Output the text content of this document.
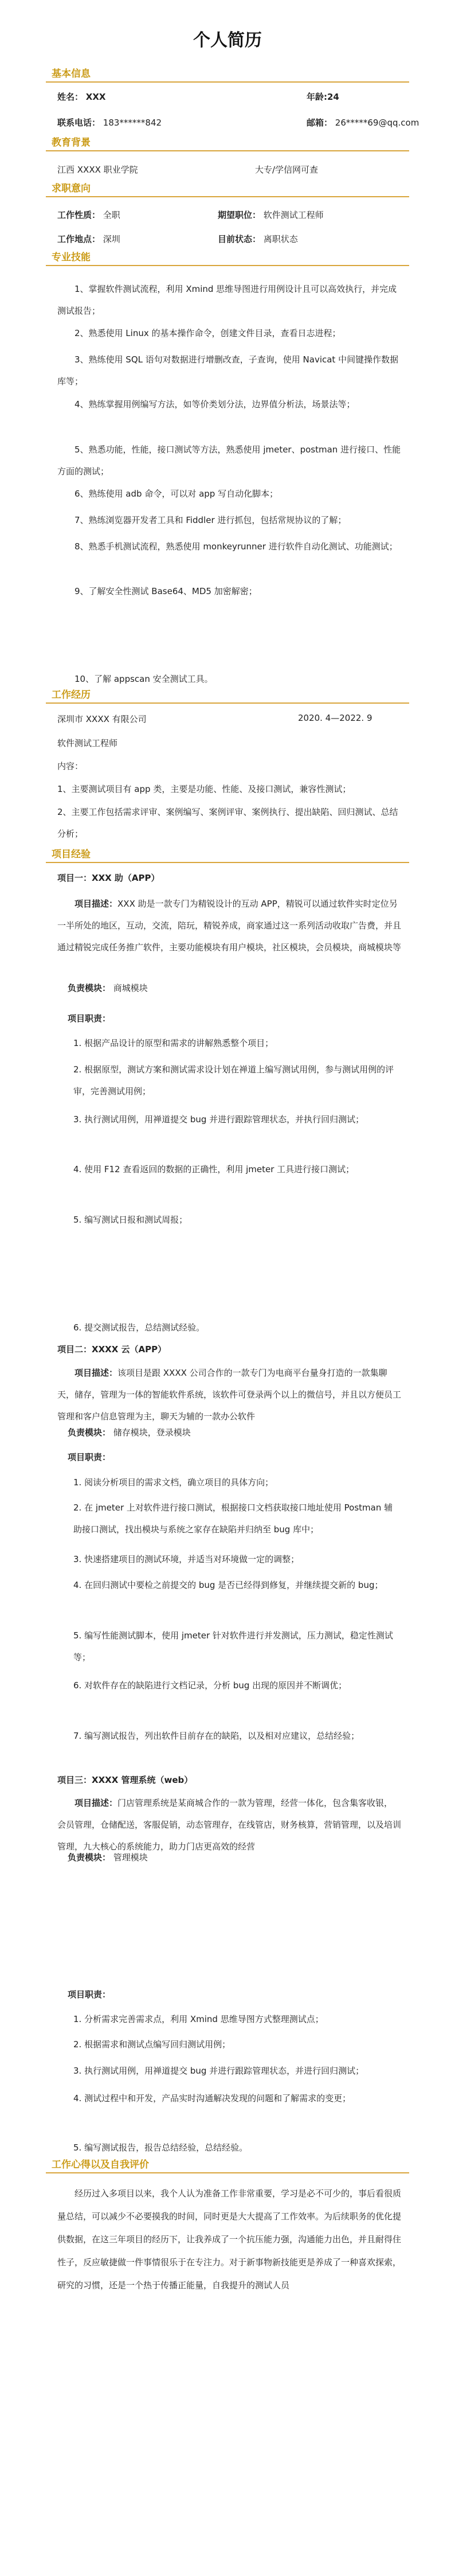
个人简历
基本信息
姓名： XXX	年龄:24
联系电话： 183******842	邮箱： 26*****69@qq.com
教育背景
江西 XXXX 职业学院	大专/学信网可查
求职意向
工作性质： 全职	期望职位： 软件测试工程师
工作地点： 深圳	目前状态： 离职状态
专业技能
1、掌握软件测试流程，利用 Xmind 思维导图进行用例设计且可以高效执行，并完成测试报告；
2、熟悉使用 Linux 的基本操作命令，创建文件目录，查看日志进程；
3、熟练使用 SQL 语句对数据进行增删改查，子查询，使用 Navicat 中间键操作数据库等；
4、熟练掌握用例编写方法，如等价类划分法，边界值分析法，场景法等；
5、熟悉功能，性能，接口测试等方法，熟悉使用 jmeter、postman 进行接口、性能方面的测试；
6、熟练使用 adb 命令，可以对 app 写自动化脚本；
7、熟练浏览器开发者工具和 Fiddler 进行抓包，包括常规协议的了解；
8、熟悉手机测试流程，熟悉使用 monkeyrunner 进行软件自动化测试、功能测试；
9、了解安全性测试 Base64、MD5 加密解密；
10、了解 appscan 安全测试工具。
工作经历
深圳市 XXXX 有限公司	2020. 4—2022. 9
软件测试工程师
内容：
1、主要测试项目有 app 类，主要是功能、性能、及接口测试，兼容性测试；
2、主要工作包括需求评审、案例编写、案例评审、案例执行、提出缺陷、回归测试、总结分析；
项目经验
项目一：XXX 助（APP）
项目描述：XXX 助是一款专门为精锐设计的互动 APP，精锐可以通过软件实时定位另一半所处的地区，互动，交流，陪玩，精锐养成，商家通过这一系列活动收取广告费，并且通过精锐完成任务推广软件，主要功能模块有用户模块，社区模块，会员模块，商城模块等
负责模块： 商城模块
项目职责：
1. 根据产品设计的原型和需求的讲解熟悉整个项目；
2. 根据原型，测试方案和测试需求设计划在禅道上编写测试用例，参与测试用例的评审，完善测试用例；
3. 执行测试用例，用禅道提交 bug 并进行跟踪管理状态，并执行回归测试；
4. 使用 F12 查看返回的数据的正确性，利用 jmeter 工具进行接口测试；
5. 编写测试日报和测试周报；
6. 提交测试报告，总结测试经验。
项目二：XXXX 云（APP）
项目描述：该项目是跟 XXXX 公司合作的一款专门为电商平台量身打造的一款集聊天，储存，管理为一体的智能软件系统，该软件可登录两个以上的微信号，并且以方便员工管理和客户信息管理为主，聊天为辅的一款办公软件
负责模块： 储存模块，登录模块
项目职责：
1. 阅读分析项目的需求文档，确立项目的具体方向；
2. 在 jmeter 上对软件进行接口测试，根据接口文档获取接口地址使用 Postman 辅助接口测试，找出模块与系统之家存在缺陷并归纳至 bug 库中；
3. 快速搭建项目的测试环境，并适当对环境做一定的调整；
4. 在回归测试中要检之前提交的 bug 是否已经得到修复，并继续提交新的 bug；
5. 编写性能测试脚本，使用 jmeter 针对软件进行并发测试，压力测试，稳定性测试等；
6. 对软件存在的缺陷进行文档记录，分析 bug 出现的原因并不断调优；
7. 编写测试报告，列出软件目前存在的缺陷，以及相对应建议，总结经验；
项目三：XXXX 管理系统（web）
项目描述：门店管理系统是某商城合作的一款为管理，经营一体化，包含集客收银，会员管理，仓储配送，客服促销，动态管理存，在线管店，财务核算，营销管理，以及培训管理，九大核心的系统能力，助力门店更高效的经营
负责模块： 管理模块
项目职责：
1. 分析需求完善需求点，利用 Xmind 思维导图方式整理测试点；
2. 根据需求和测试点编写回归测试用例；
3. 执行测试用例，用禅道提交 bug 并进行跟踪管理状态，并进行回归测试；
4. 测试过程中和开发，产品实时沟通解决发现的问题和了解需求的变更；
5. 编写测试报告，报告总结经验，总结经验。
工作心得以及自我评价
经历过入多项目以来，我个人认为准备工作非常重要，学习是必不可少的，事后看很质量总结，可以减少不必要摸我的时间，同时更是大大提高了工作效率。为后续职务的优化提供数据，在这三年项目的经历下，让我养成了一个抗压能力强，沟通能力出色，并且耐得住性子，反应敏捷做一件事情很乐于在专注力。对于新事物新技能更是养成了一种喜欢探索，研究的习惯，还是一个热于传播正能量，自我提升的测试人员
